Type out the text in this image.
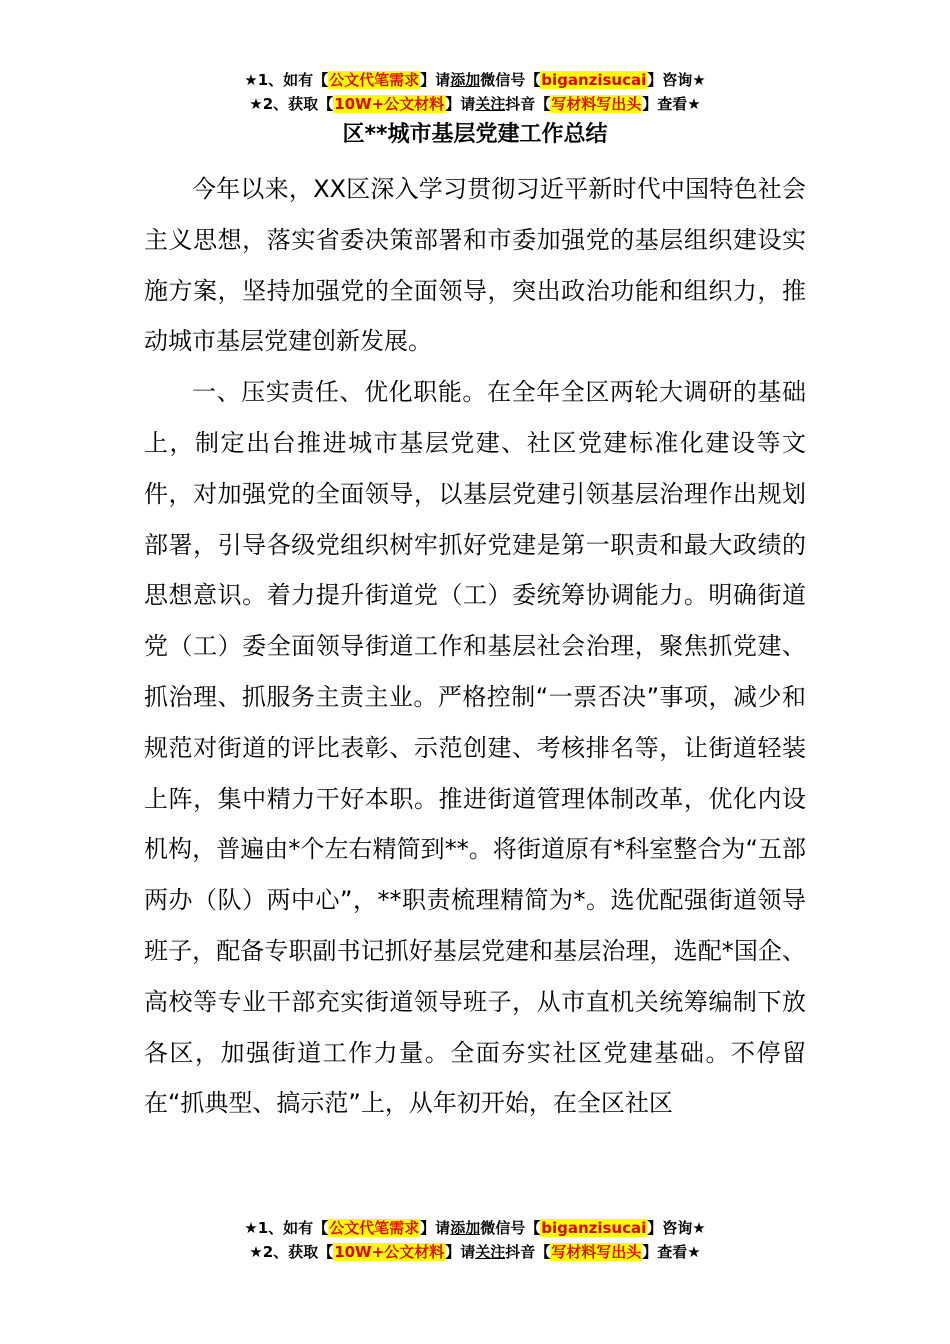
★1、如有【公文代笔需求】请添加微信号【biganzisucai】咨询★
★2、获取【10W+公文材料】请关注抖音【写材料写出头】查看★
区**城市基层党建工作总结

今年以来，XX区深入学习贯彻习近平新时代中国特色社会主义思想，落实省委决策部署和市委加强党的基层组织建设实施方案，坚持加强党的全面领导，突出政治功能和组织力，推动城市基层党建创新发展。

一、压实责任、优化职能。在全年全区两轮大调研的基础上，制定出台推进城市基层党建、社区党建标准化建设等文件，对加强党的全面领导，以基层党建引领基层治理作出规划部署，引导各级党组织树牢抓好党建是第一职责和最大政绩的思想意识。着力提升街道党（工）委统筹协调能力。明确街道党（工）委全面领导街道工作和基层社会治理，聚焦抓党建、 抓治理、抓服务主责主业。严格控制“一票否决”事项，减少和规范对街道的评比表彰、示范创建、考核排名等，让街道轻装上阵，集中精力干好本职。推进街道管理体制改革，优化内设机构，普遍由*个左右精简到**。将街道原有*科室整合为“五部两办（队）两中心”，**职责梳理精简为*。选优配强街道领导班子，配备专职副书记抓好基层党建和基层治理，选配*国企、高校等专业干部充实街道领导班子，从市直机关统筹编制下放各区，加强街道工作力量。全面夯实社区党建基础。不停留在“抓典型、搞示范”上，从年初开始，在全区社区

★1、如有【公文代笔需求】请添加微信号【biganzisucai】咨询★
★2、获取【10W+公文材料】请关注抖音【写材料写出头】查看★
